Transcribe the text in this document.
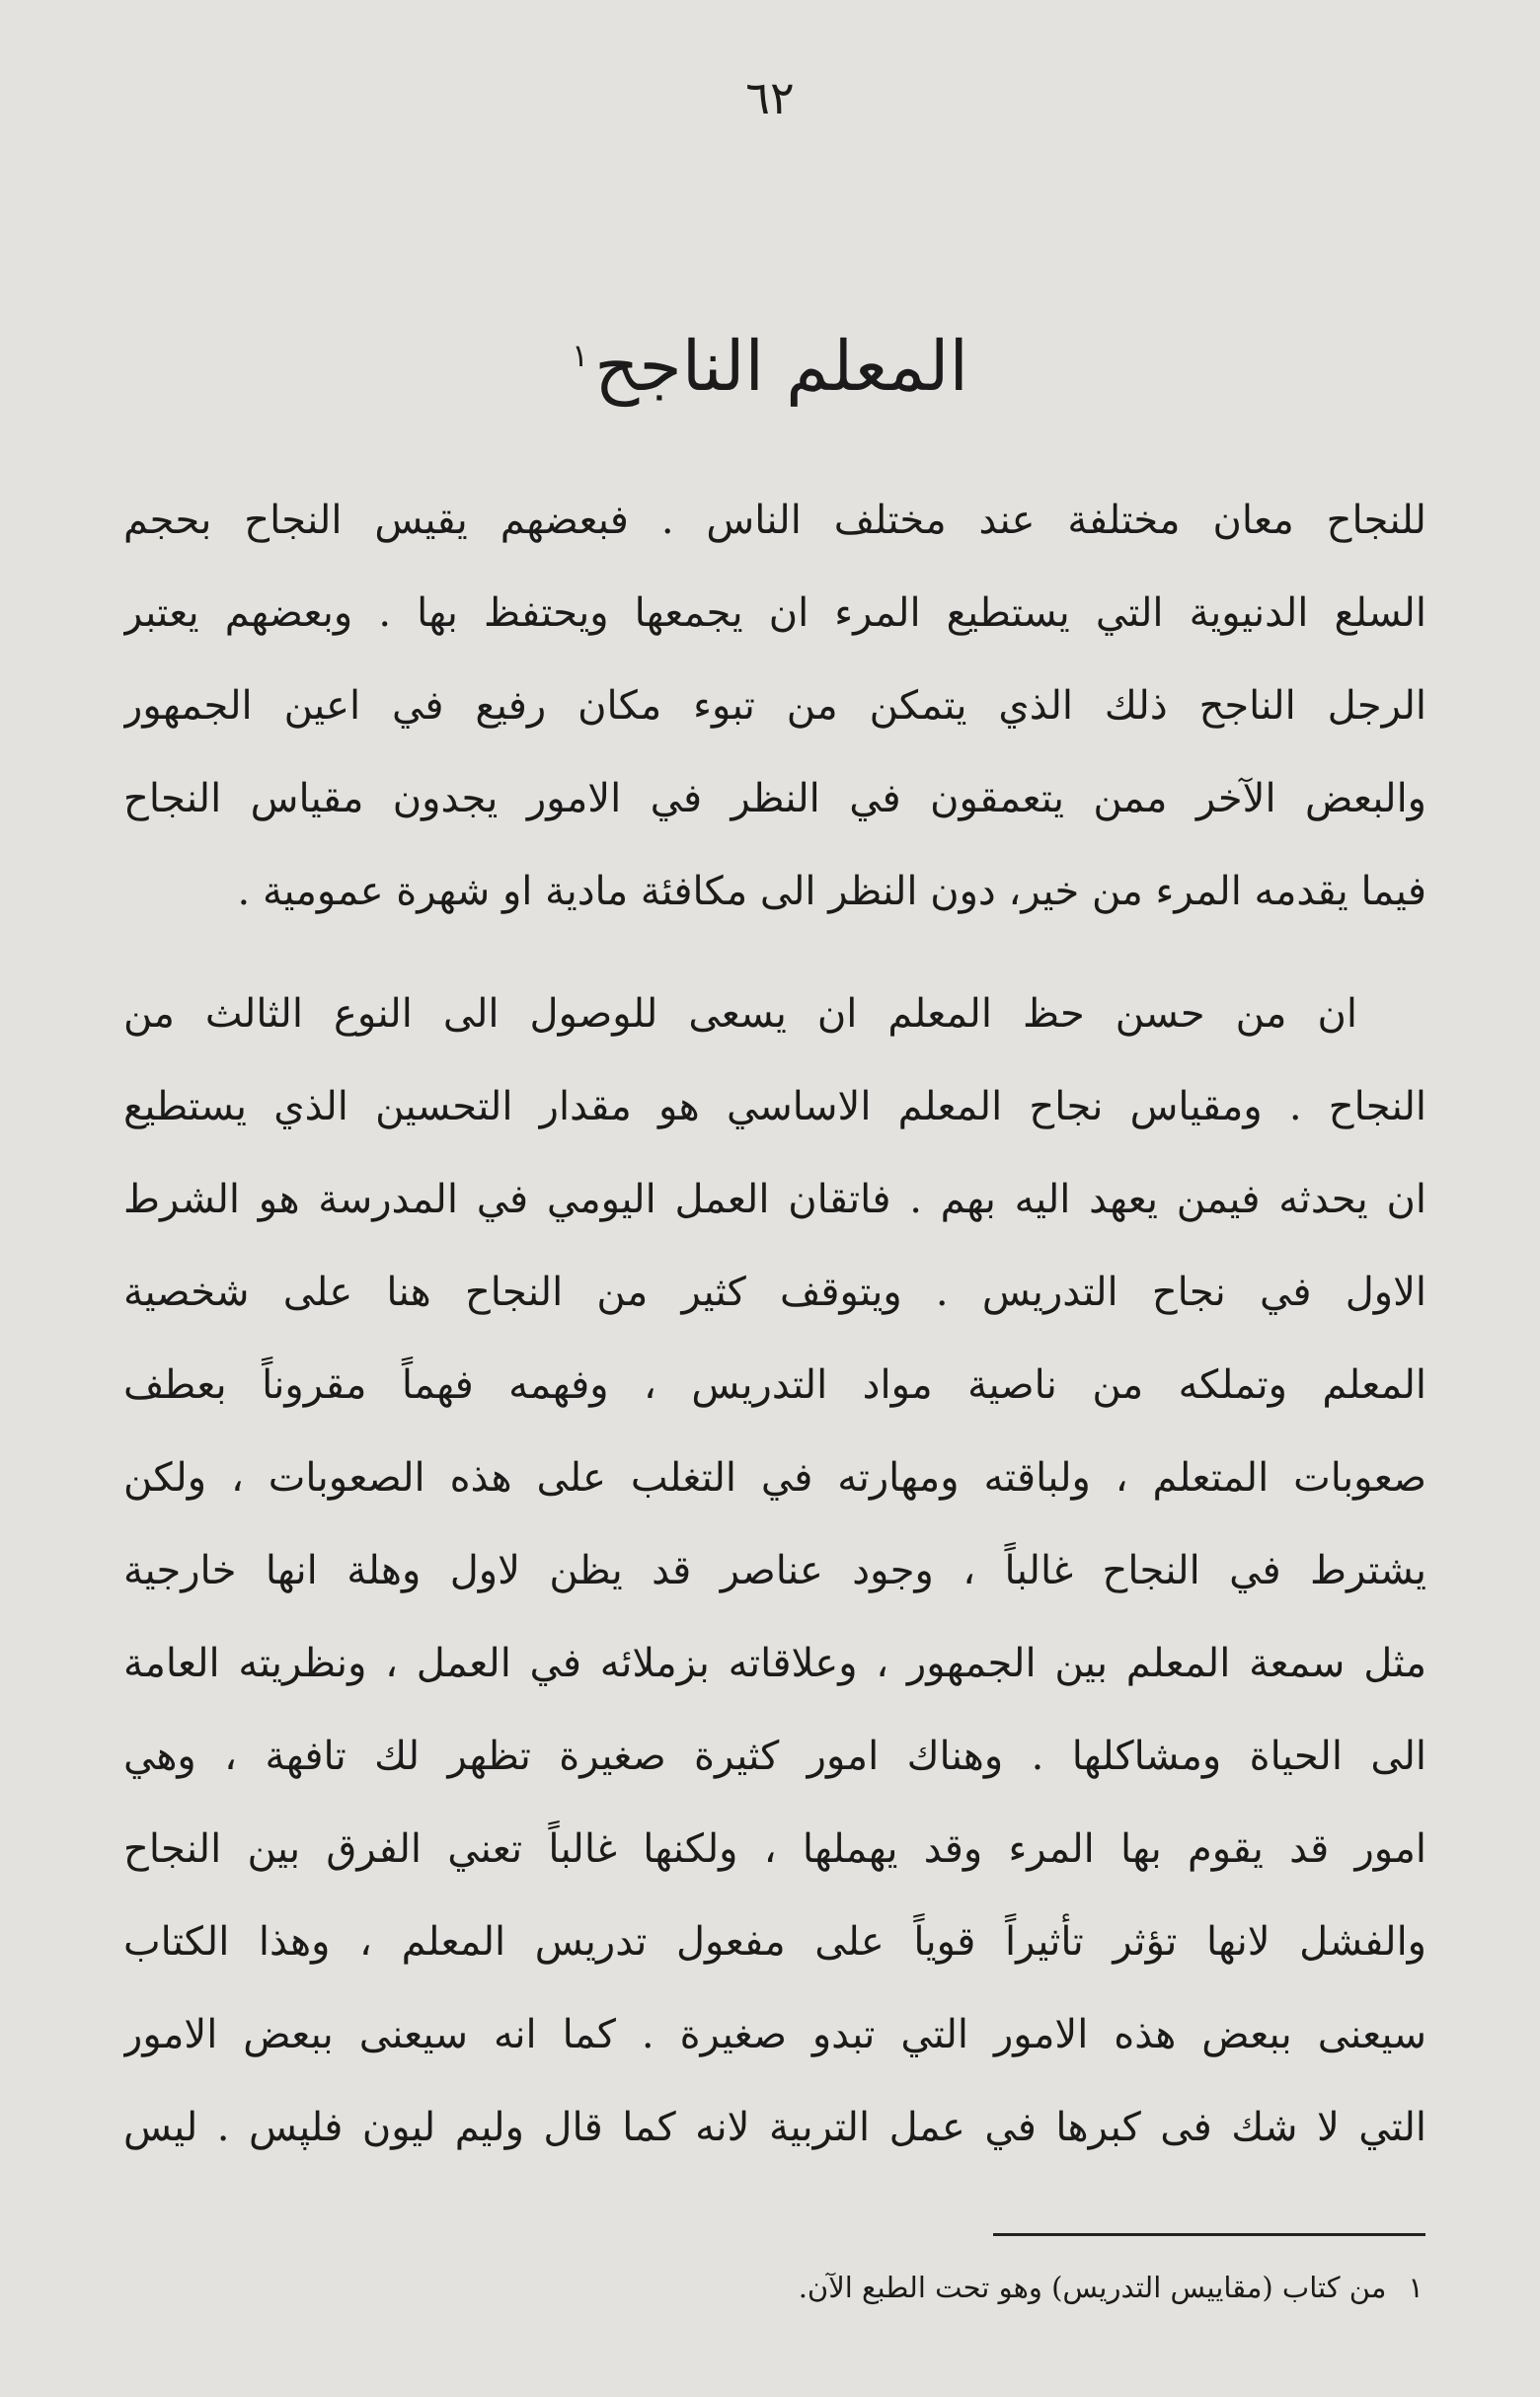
٦٢
المعلم الناجح$^١$
للنجاح معان مختلفة عند مختلف الناس . فبعضهم يقيس النجاح بحجم
السلع الدنيوية التي يستطيع المرء ان يجمعها ويحتفظ بها . وبعضهم يعتبر
الرجل الناجح ذلك الذي يتمكن من تبوء مكان رفيع في اعين الجمهور
والبعض الآخر ممن يتعمقون في النظر في الامور يجدون مقياس النجاح
فيما يقدمه المرء من خير، دون النظر الى مكافئة مادية او شهرة عمومية .
ان من حسن حظ المعلم ان يسعى للوصول الى النوع الثالث من
النجاح . ومقياس نجاح المعلم الاساسي هو مقدار التحسين الذي يستطيع
ان يحدثه فيمن يعهد اليه بهم . فاتقان العمل اليومي في المدرسة هو الشرط
الاول في نجاح التدريس . ويتوقف كثير من النجاح هنا على شخصية
المعلم وتملكه من ناصية مواد التدريس ، وفهمه فهماً مقروناً بعطف
صعوبات المتعلم ، ولباقته ومهارته في التغلب على هذه الصعوبات ، ولكن
يشترط في النجاح غالباً ، وجود عناصر قد يظن لاول وهلة انها خارجية
مثل سمعة المعلم بين الجمهور ، وعلاقاته بزملائه في العمل ، ونظريته العامة
الى الحياة ومشاكلها . وهناك امور كثيرة صغيرة تظهر لك تافهة ، وهي
امور قد يقوم بها المرء وقد يهملها ، ولكنها غالباً تعني الفرق بين النجاح
والفشل لانها تؤثر تأثيراً قوياً على مفعول تدريس المعلم ، وهذا الكتاب
سيعنى ببعض هذه الامور التي تبدو صغيرة . كما انه سيعنى ببعض الامور
التي لا شك فى كبرها في عمل التربية لانه كما قال وليم ليون فلپس . ليس
١من كتاب (مقاييس التدريس) وهو تحت الطبع الآن.
